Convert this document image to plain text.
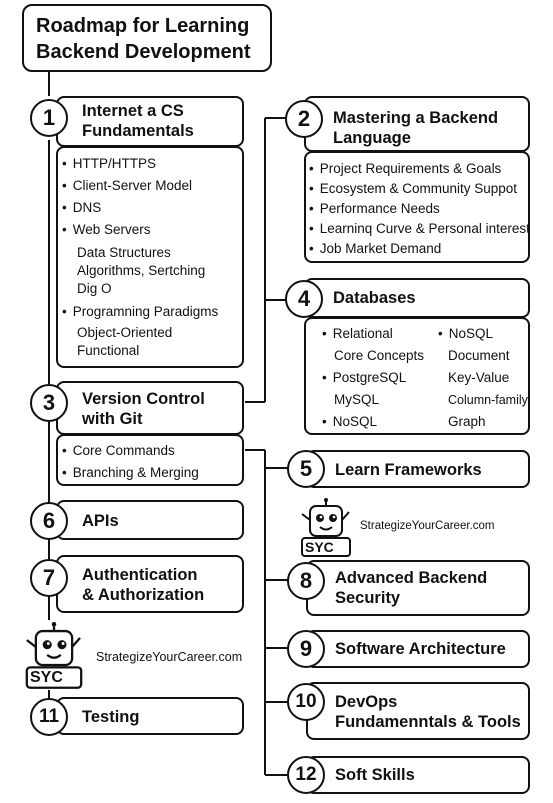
Roadmap for Learning
Backend Development
1	Internet a CS
Fundamentals
• HTTP/HTTPS
• Client-Server Model
• DNS
• Web Servers
Data Structures
Algorithms, Sertching
Dig O
• Programning Paradigms
Object-Oriented
Functional
2	Mastering a Backend
Language
• Project Requirements & Goals
• Ecosystem & Community Suppot
• Performance Needs
• Learninq Curve & Personal interest
• Job Market Demand
3	Version Control
with Git
• Core Commands
• Branching & Merging
4	Databases
• Relational
Core Concepts
• PostgreSQL
MySQL
• NoSQL
• NoSQL
Document
Key-Value
Column-family
Graph
5	Learn Frameworks
6	APIs
7	Authentication
& Authorization
8	Advanced Backend
Security
9	Software Architecture
10	DevOps
Fundamenntals & Tools
11	Testing
12	Soft Skills
SYC
StrategizeYourCareer.com
SYC
StrategizeYourCareer.com
